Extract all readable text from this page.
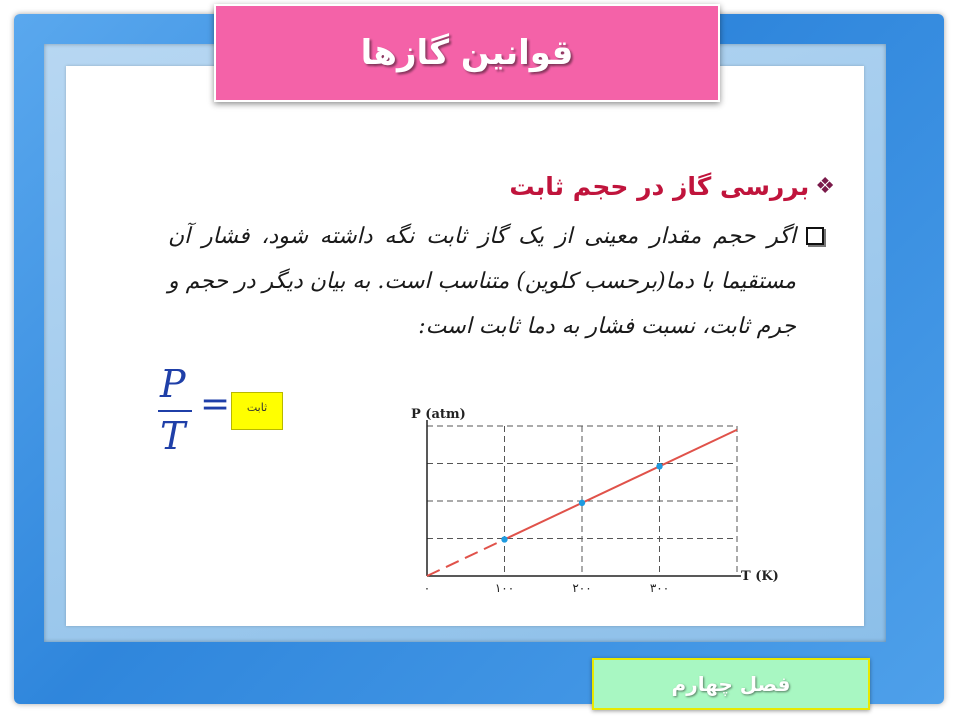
قوانین گازها
❖
بررسی گاز در حجم ثابت

اگر حجم مقدار معینی از یک گاز ثابت نگه داشته شود، فشار آن مستقیما با دما(برحسب کلوین) متناسب است. به بیان دیگر در حجم و جرم ثابت، نسبت فشار به دما ثابت است:

P
T
=	ثابت
۰	۱۰۰	۲۰۰	۳۰۰
P (atm)
T (K)
فصل چهارم
